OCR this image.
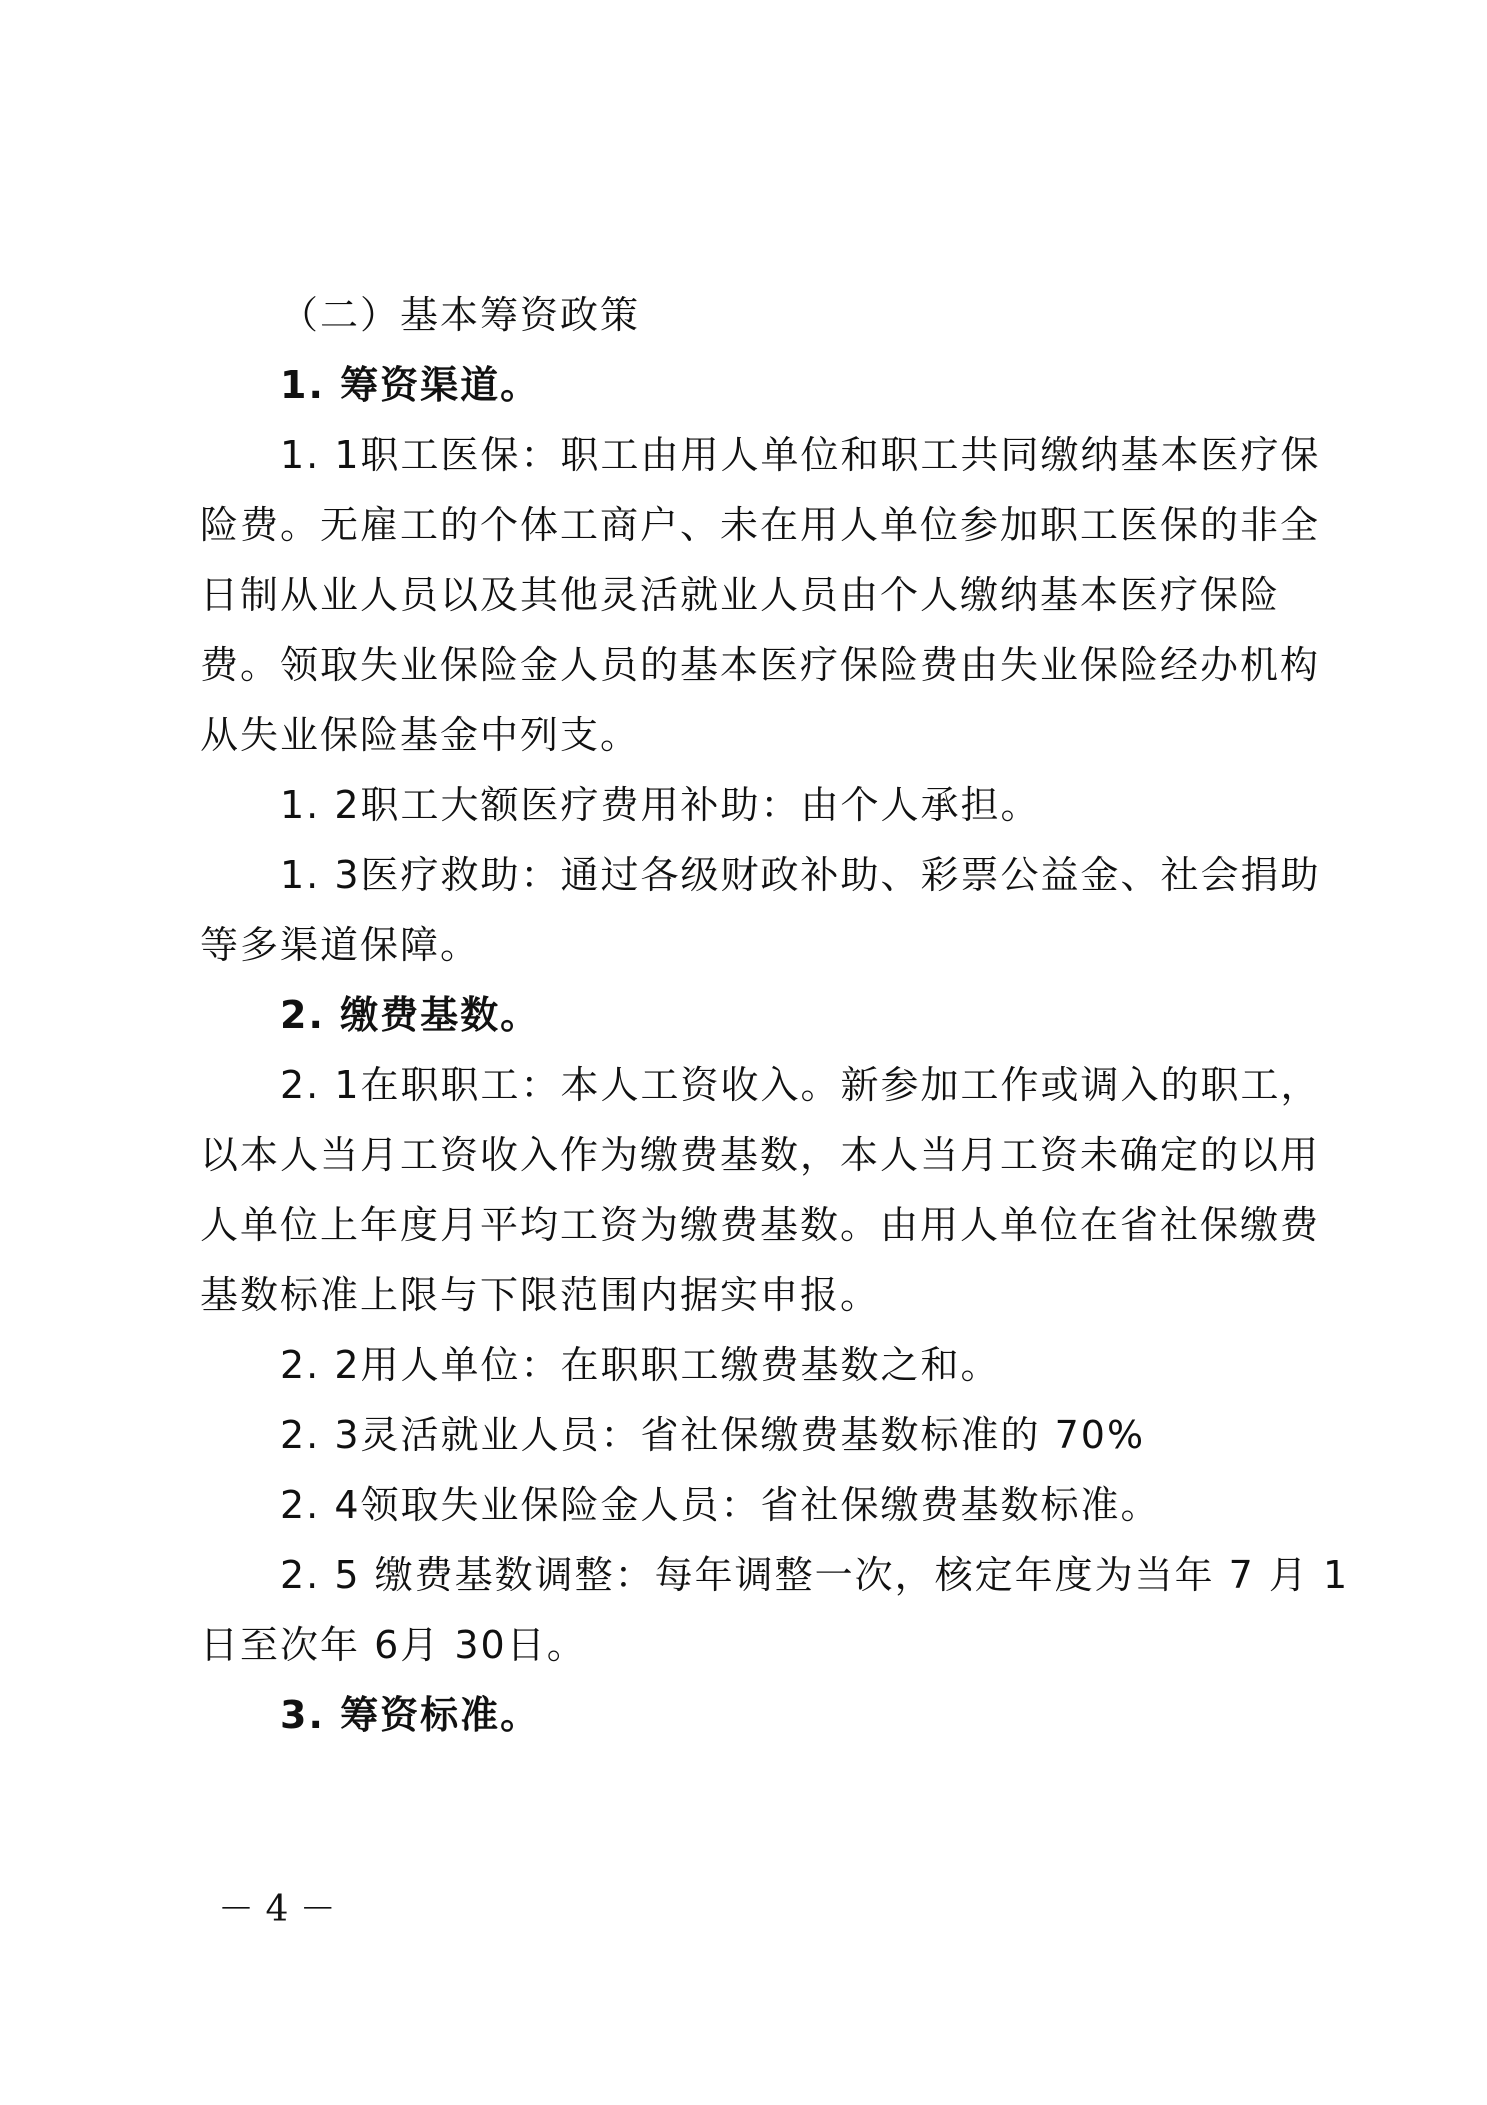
（二）基本筹资政策
1. 筹资渠道。
1. 1职工医保：职工由用人单位和职工共同缴纳基本医疗保
险费。无雇工的个体工商户、未在用人单位参加职工医保的非全
日制从业人员以及其他灵活就业人员由个人缴纳基本医疗保险
费。领取失业保险金人员的基本医疗保险费由失业保险经办机构
从失业保险基金中列支。
1. 2职工大额医疗费用补助：由个人承担。
1. 3医疗救助：通过各级财政补助、彩票公益金、社会捐助
等多渠道保障。
2. 缴费基数。
2. 1在职职工：本人工资收入。新参加工作或调入的职工，
以本人当月工资收入作为缴费基数，本人当月工资未确定的以用
人单位上年度月平均工资为缴费基数。由用人单位在省社保缴费
基数标准上限与下限范围内据实申报。
2. 2用人单位：在职职工缴费基数之和。
2. 3灵活就业人员：省社保缴费基数标准的 70%
2. 4领取失业保险金人员：省社保缴费基数标准。
2. 5 缴费基数调整：每年调整一次，核定年度为当年 7 月 1
日至次年 6月 30日。
3. 筹资标准。
－ 4 －
